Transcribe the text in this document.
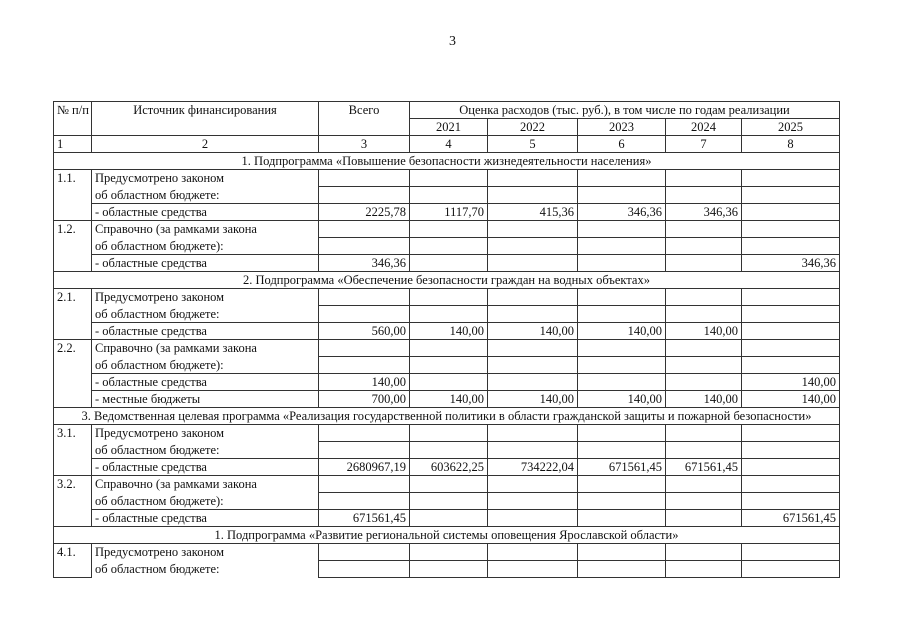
3
№ п/п	Источник финансирования	Всего	Оценка расходов (тыс. руб.), в том числе по годам реализации				
			2021	2022	2023	2024	2025
1	2	3	4	5	6	7	8
1. Подпрограмма «Повышение безопасности жизнедеятельности населения»							
1.1.	Предусмотрено законом						
	об областном бюджете:						
	- областные средства	2225,78	1117,70	415,36	346,36	346,36	
1.2.	Справочно (за рамками закона						
	об областном бюджете):						
	- областные средства	346,36					346,36
2. Подпрограмма «Обеспечение безопасности граждан на водных объектах»							
2.1.	Предусмотрено законом						
	об областном бюджете:						
	- областные средства	560,00	140,00	140,00	140,00	140,00	
2.2.	Справочно (за рамками закона						
	об областном бюджете):						
	- областные средства	140,00					140,00
	- местные бюджеты	700,00	140,00	140,00	140,00	140,00	140,00
3. Ведомственная целевая программа «Реализация государственной политики в области гражданской защиты и пожарной безопасности»							
3.1.	Предусмотрено законом						
	об областном бюджете:						
	- областные средства	2680967,19	603622,25	734222,04	671561,45	671561,45	
3.2.	Справочно (за рамками закона						
	об областном бюджете):						
	- областные средства	671561,45					671561,45
1. Подпрограмма «Развитие региональной системы оповещения Ярославской области»							
4.1.	Предусмотрено законом						
	об областном бюджете:						
